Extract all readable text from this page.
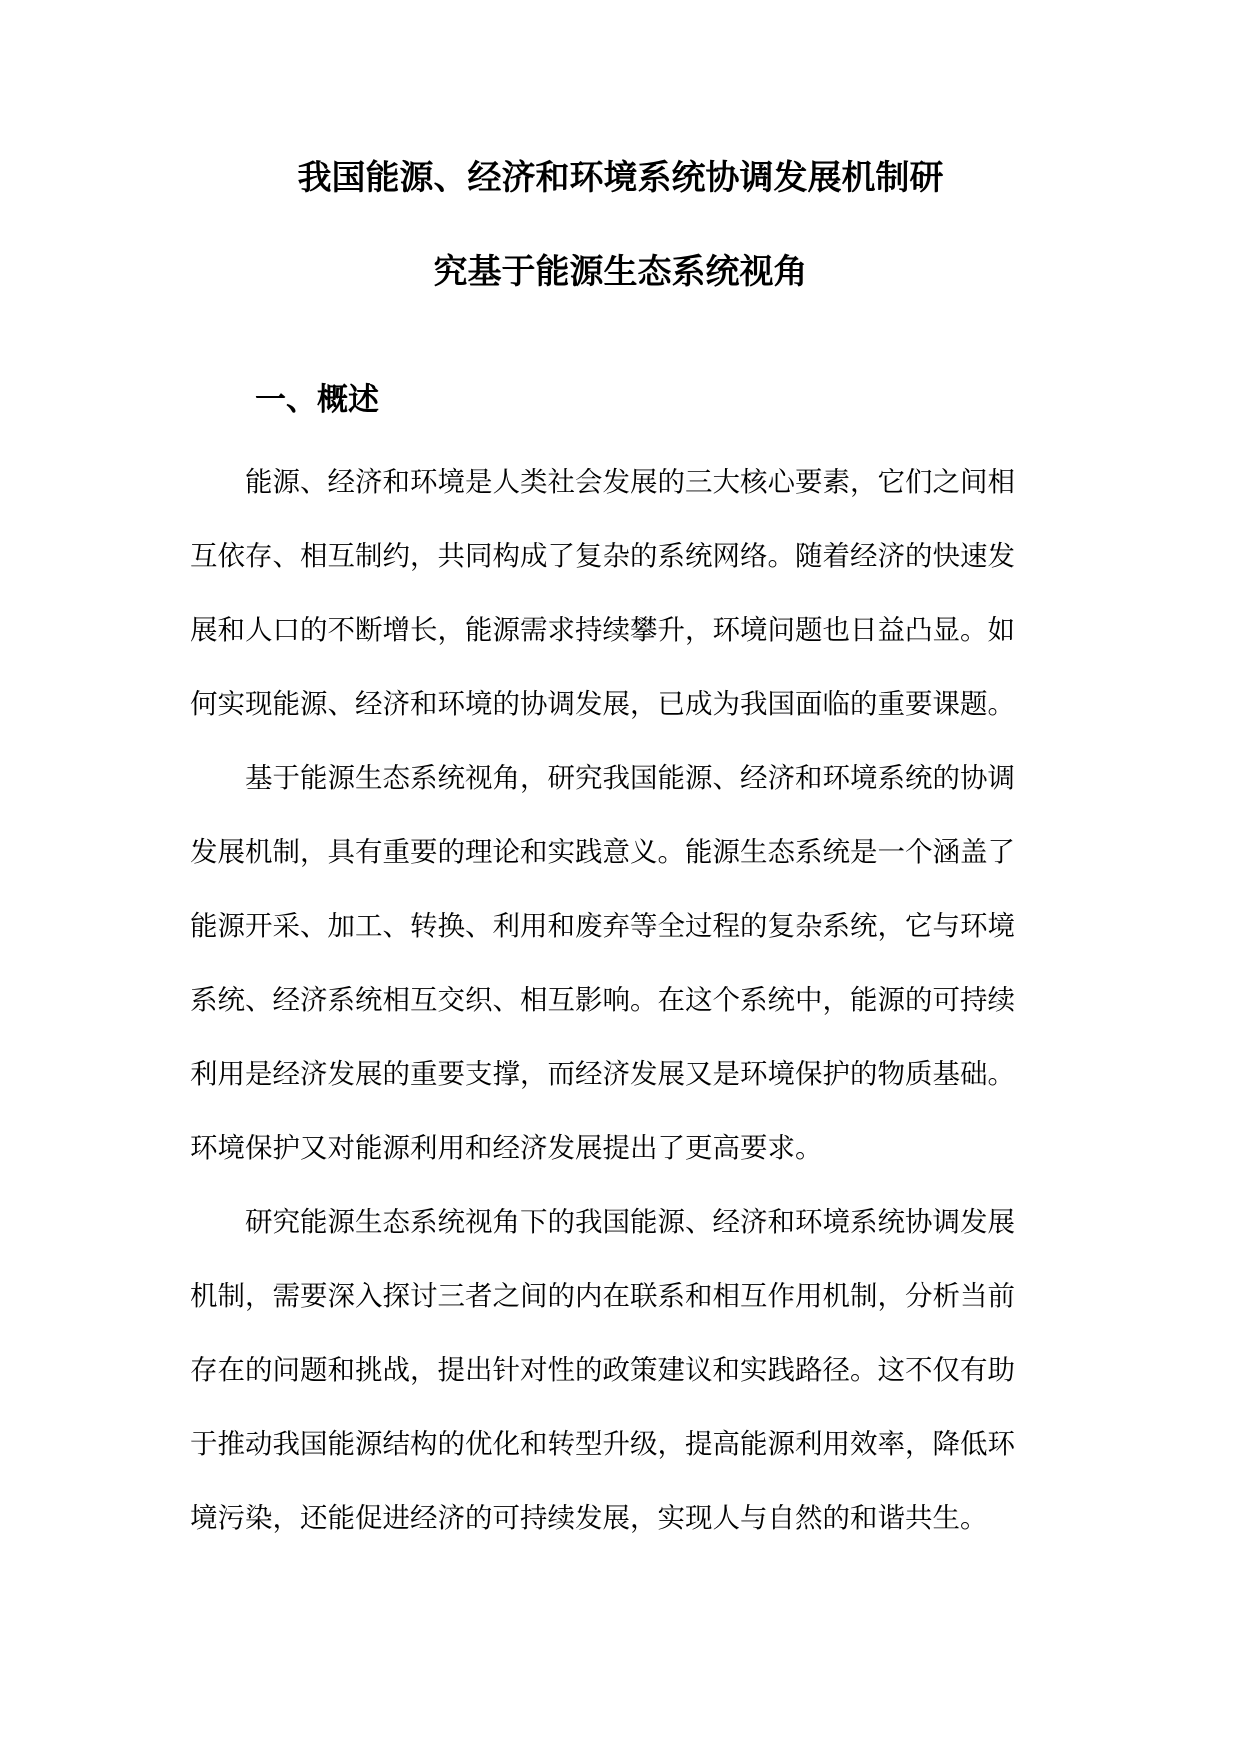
我国能源、经济和环境系统协调发展机制研
究基于能源生态系统视角
一、概述
能源、经济和环境是人类社会发展的三大核心要素，它们之间相
互依存、相互制约，共同构成了复杂的系统网络。随着经济的快速发
展和人口的不断增长，能源需求持续攀升，环境问题也日益凸显。如
何实现能源、经济和环境的协调发展，已成为我国面临的重要课题。
基于能源生态系统视角，研究我国能源、经济和环境系统的协调
发展机制，具有重要的理论和实践意义。能源生态系统是一个涵盖了
能源开采、加工、转换、利用和废弃等全过程的复杂系统，它与环境
系统、经济系统相互交织、相互影响。在这个系统中，能源的可持续
利用是经济发展的重要支撑，而经济发展又是环境保护的物质基础。
环境保护又对能源利用和经济发展提出了更高要求。
研究能源生态系统视角下的我国能源、经济和环境系统协调发展
机制，需要深入探讨三者之间的内在联系和相互作用机制，分析当前
存在的问题和挑战，提出针对性的政策建议和实践路径。这不仅有助
于推动我国能源结构的优化和转型升级，提高能源利用效率，降低环
境污染，还能促进经济的可持续发展，实现人与自然的和谐共生。
